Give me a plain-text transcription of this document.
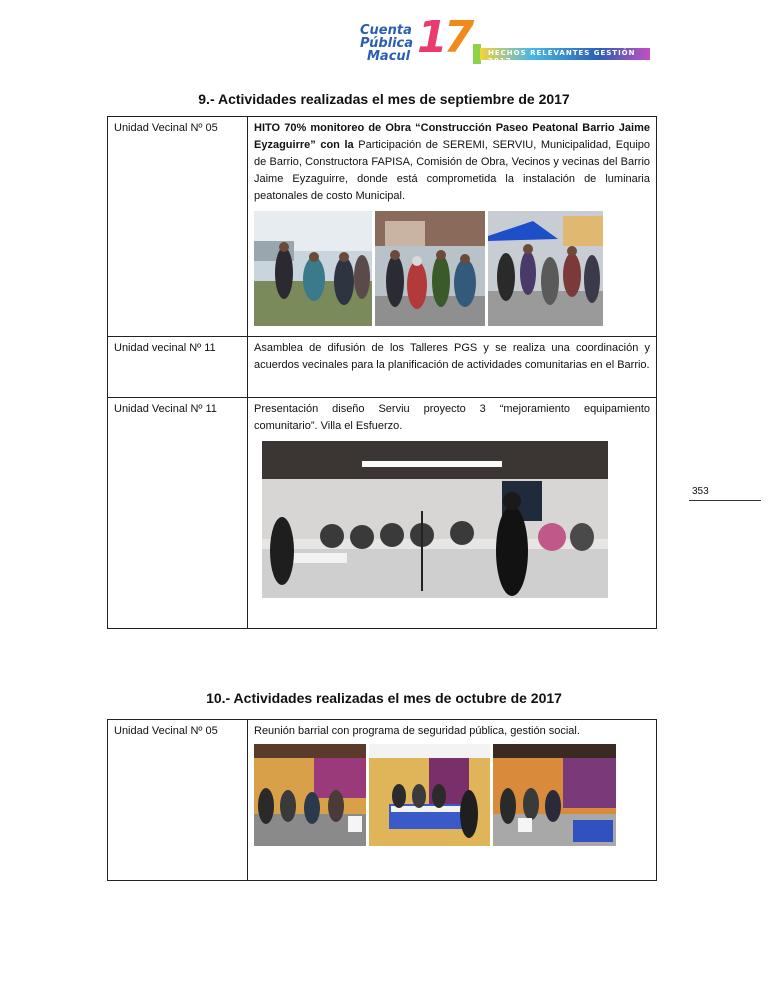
Cuenta
Pública
Macul 17	HECHOS RELEVANTES GESTIÓN 2017
9.- Actividades realizadas el mes de septiembre de 2017
Unidad Vecinal Nº 05	HITO 70% monitoreo de Obra “Construcción Paseo Peatonal Barrio Jaime Eyzaguirre” con la Participación de SEREMI, SERVIU, Municipalidad, Equipo de Barrio, Constructora FAPISA, Comisión de Obra, Vecinos y vecinas del Barrio Jaime Eyzaguirre, donde está comprometida la instalación de luminaria peatonales de costo Municipal.

Unidad vecinal Nº 11	Asamblea de difusión de los Talleres PGS y se realiza una coordinación y acuerdos vecinales para la planificación de actividades comunitarias en el Barrio.
Unidad Vecinal Nº 11	Presentación diseño Serviu proyecto 3 “mejoramiento equipamiento comunitario”. Villa el Esfuerzo.
10.- Actividades realizadas el mes de octubre de 2017
Unidad Vecinal Nº 05	Reunión barrial con programa de seguridad pública, gestión social.
353
